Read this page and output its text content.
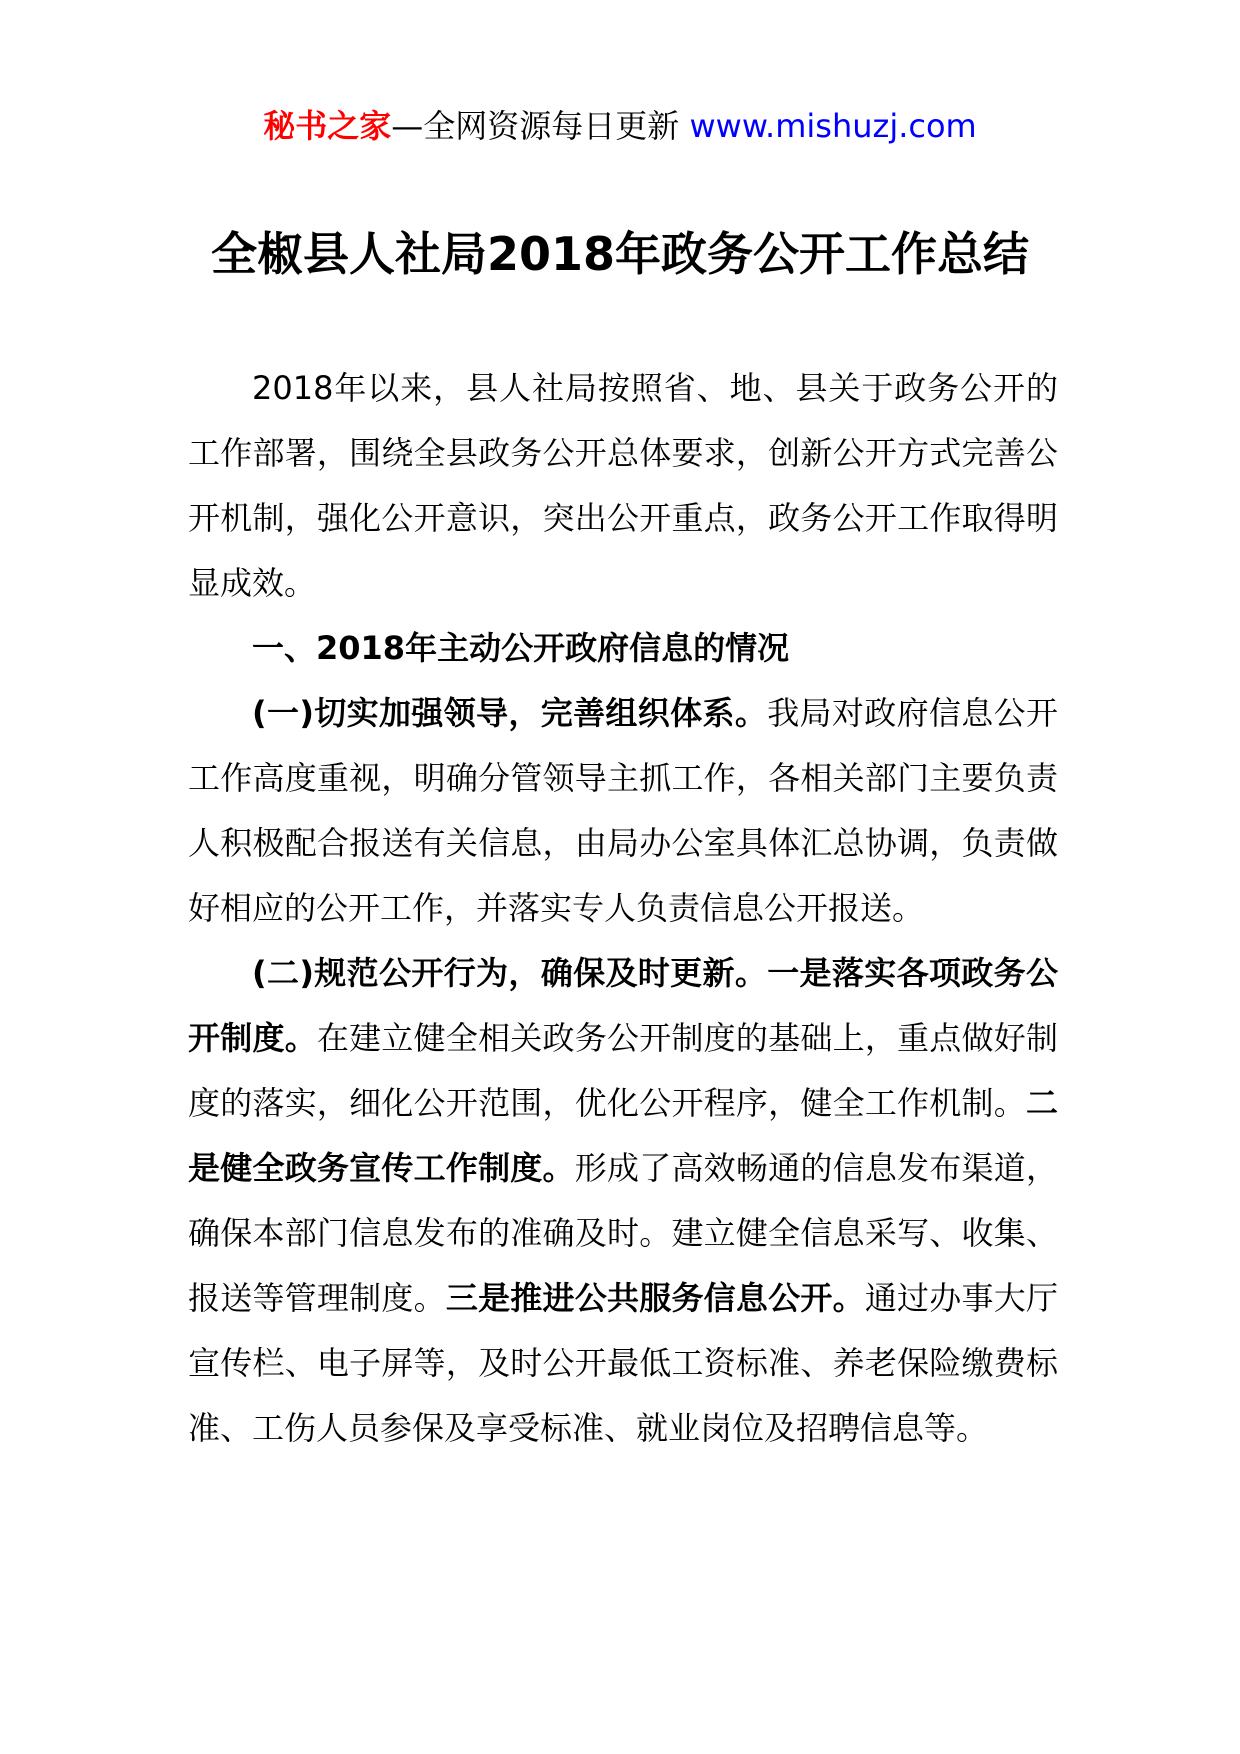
秘书之家—全网资源每日更新 www.mishuzj.com
全椒县人社局2018年政务公开工作总结

2018年以来，县人社局按照省、地、县关于政务公开的工作部署，围绕全县政务公开总体要求，创新公开方式完善公开机制，强化公开意识，突出公开重点，政务公开工作取得明显成效。

一、2018年主动公开政府信息的情况

(一)切实加强领导，完善组织体系。我局对政府信息公开工作高度重视，明确分管领导主抓工作，各相关部门主要负责人积极配合报送有关信息，由局办公室具体汇总协调，负责做好相应的公开工作，并落实专人负责信息公开报送。

(二)规范公开行为，确保及时更新。一是落实各项政务公开制度。在建立健全相关政务公开制度的基础上，重点做好制度的落实，细化公开范围，优化公开程序，健全工作机制。二是健全政务宣传工作制度。形成了高效畅通的信息发布渠道，确保本部门信息发布的准确及时。建立健全信息采写、收集、报送等管理制度。三是推进公共服务信息公开。通过办事大厅宣传栏、电子屏等，及时公开最低工资标准、养老保险缴费标准、工伤人员参保及享受标准、就业岗位及招聘信息等。
